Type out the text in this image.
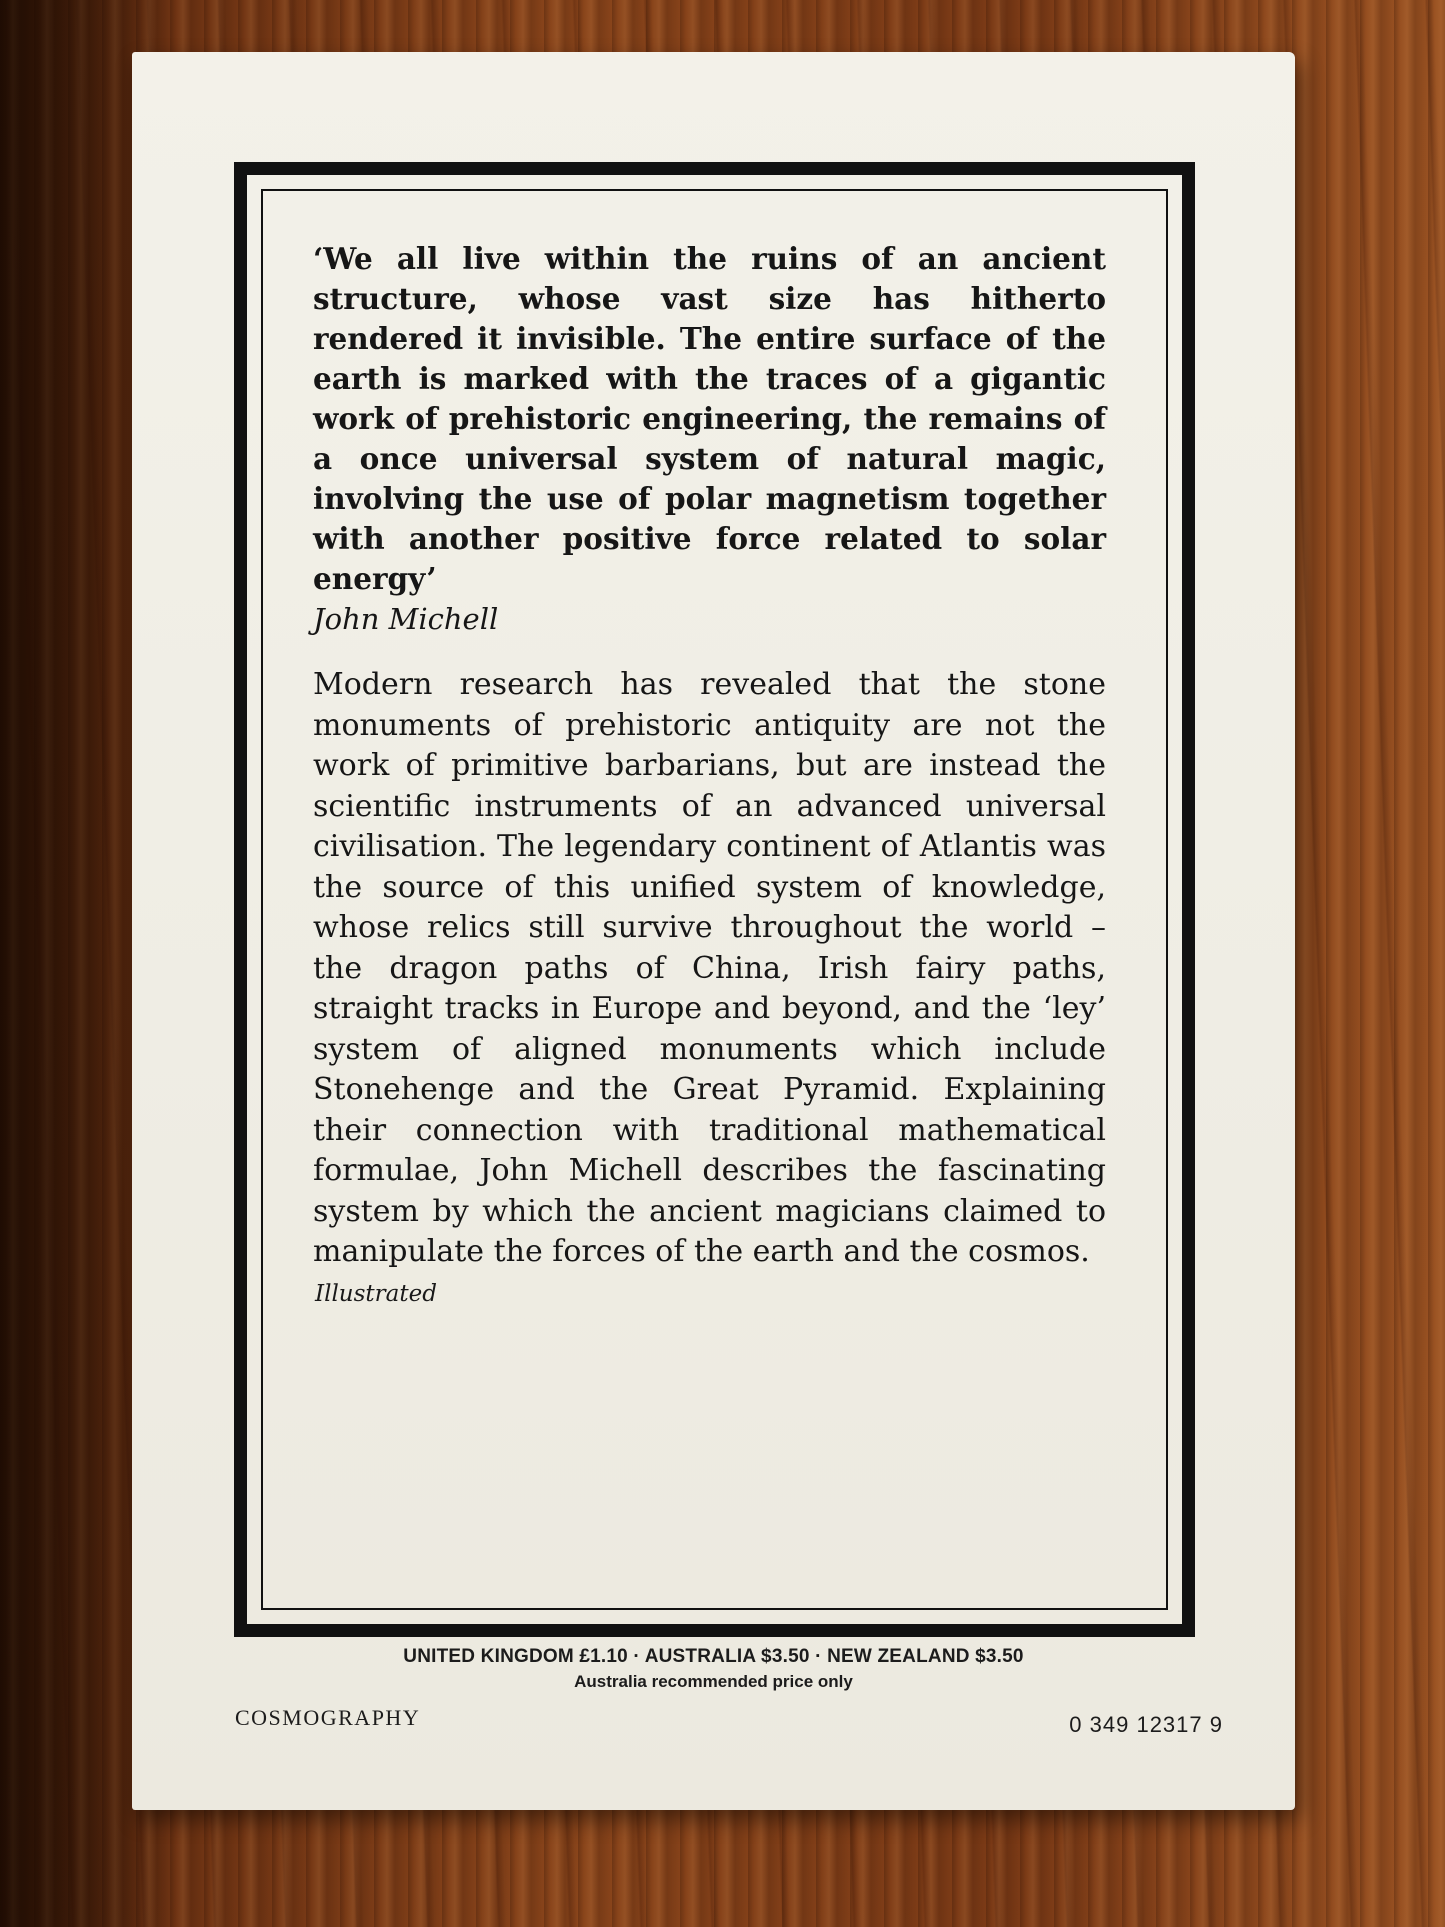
‘We all live within the ruins of an ancient structure, whose vast size has hitherto rendered it invisible. The entire surface of the earth is marked with the traces of a gigantic work of prehistoric engineering, the remains of a once universal system of natural magic, involving the use of polar magnetism together with another positive force related to solar energy’

John Michell

Modern research has revealed that the stone monuments of prehistoric antiquity are not the work of primitive barbarians, but are instead the scientific instruments of an advanced universal civilisation. The legendary continent of Atlantis was the source of this unified system of knowledge, whose relics still survive throughout the world – the dragon paths of China, Irish fairy paths, straight tracks in Europe and beyond, and the ‘ley’ system of aligned monuments which include Stonehenge and the Great Pyramid. Explaining their connection with traditional mathematical formulae, John Michell describes the fascinating system by which the ancient magicians claimed to manipulate the forces of the earth and the cosmos.

Illustrated
UNITED KINGDOM £1.10 · AUSTRALIA $3.50 · NEW ZEALAND $3.50
Australia recommended price only
COSMOGRAPHY	0 349 12317 9
